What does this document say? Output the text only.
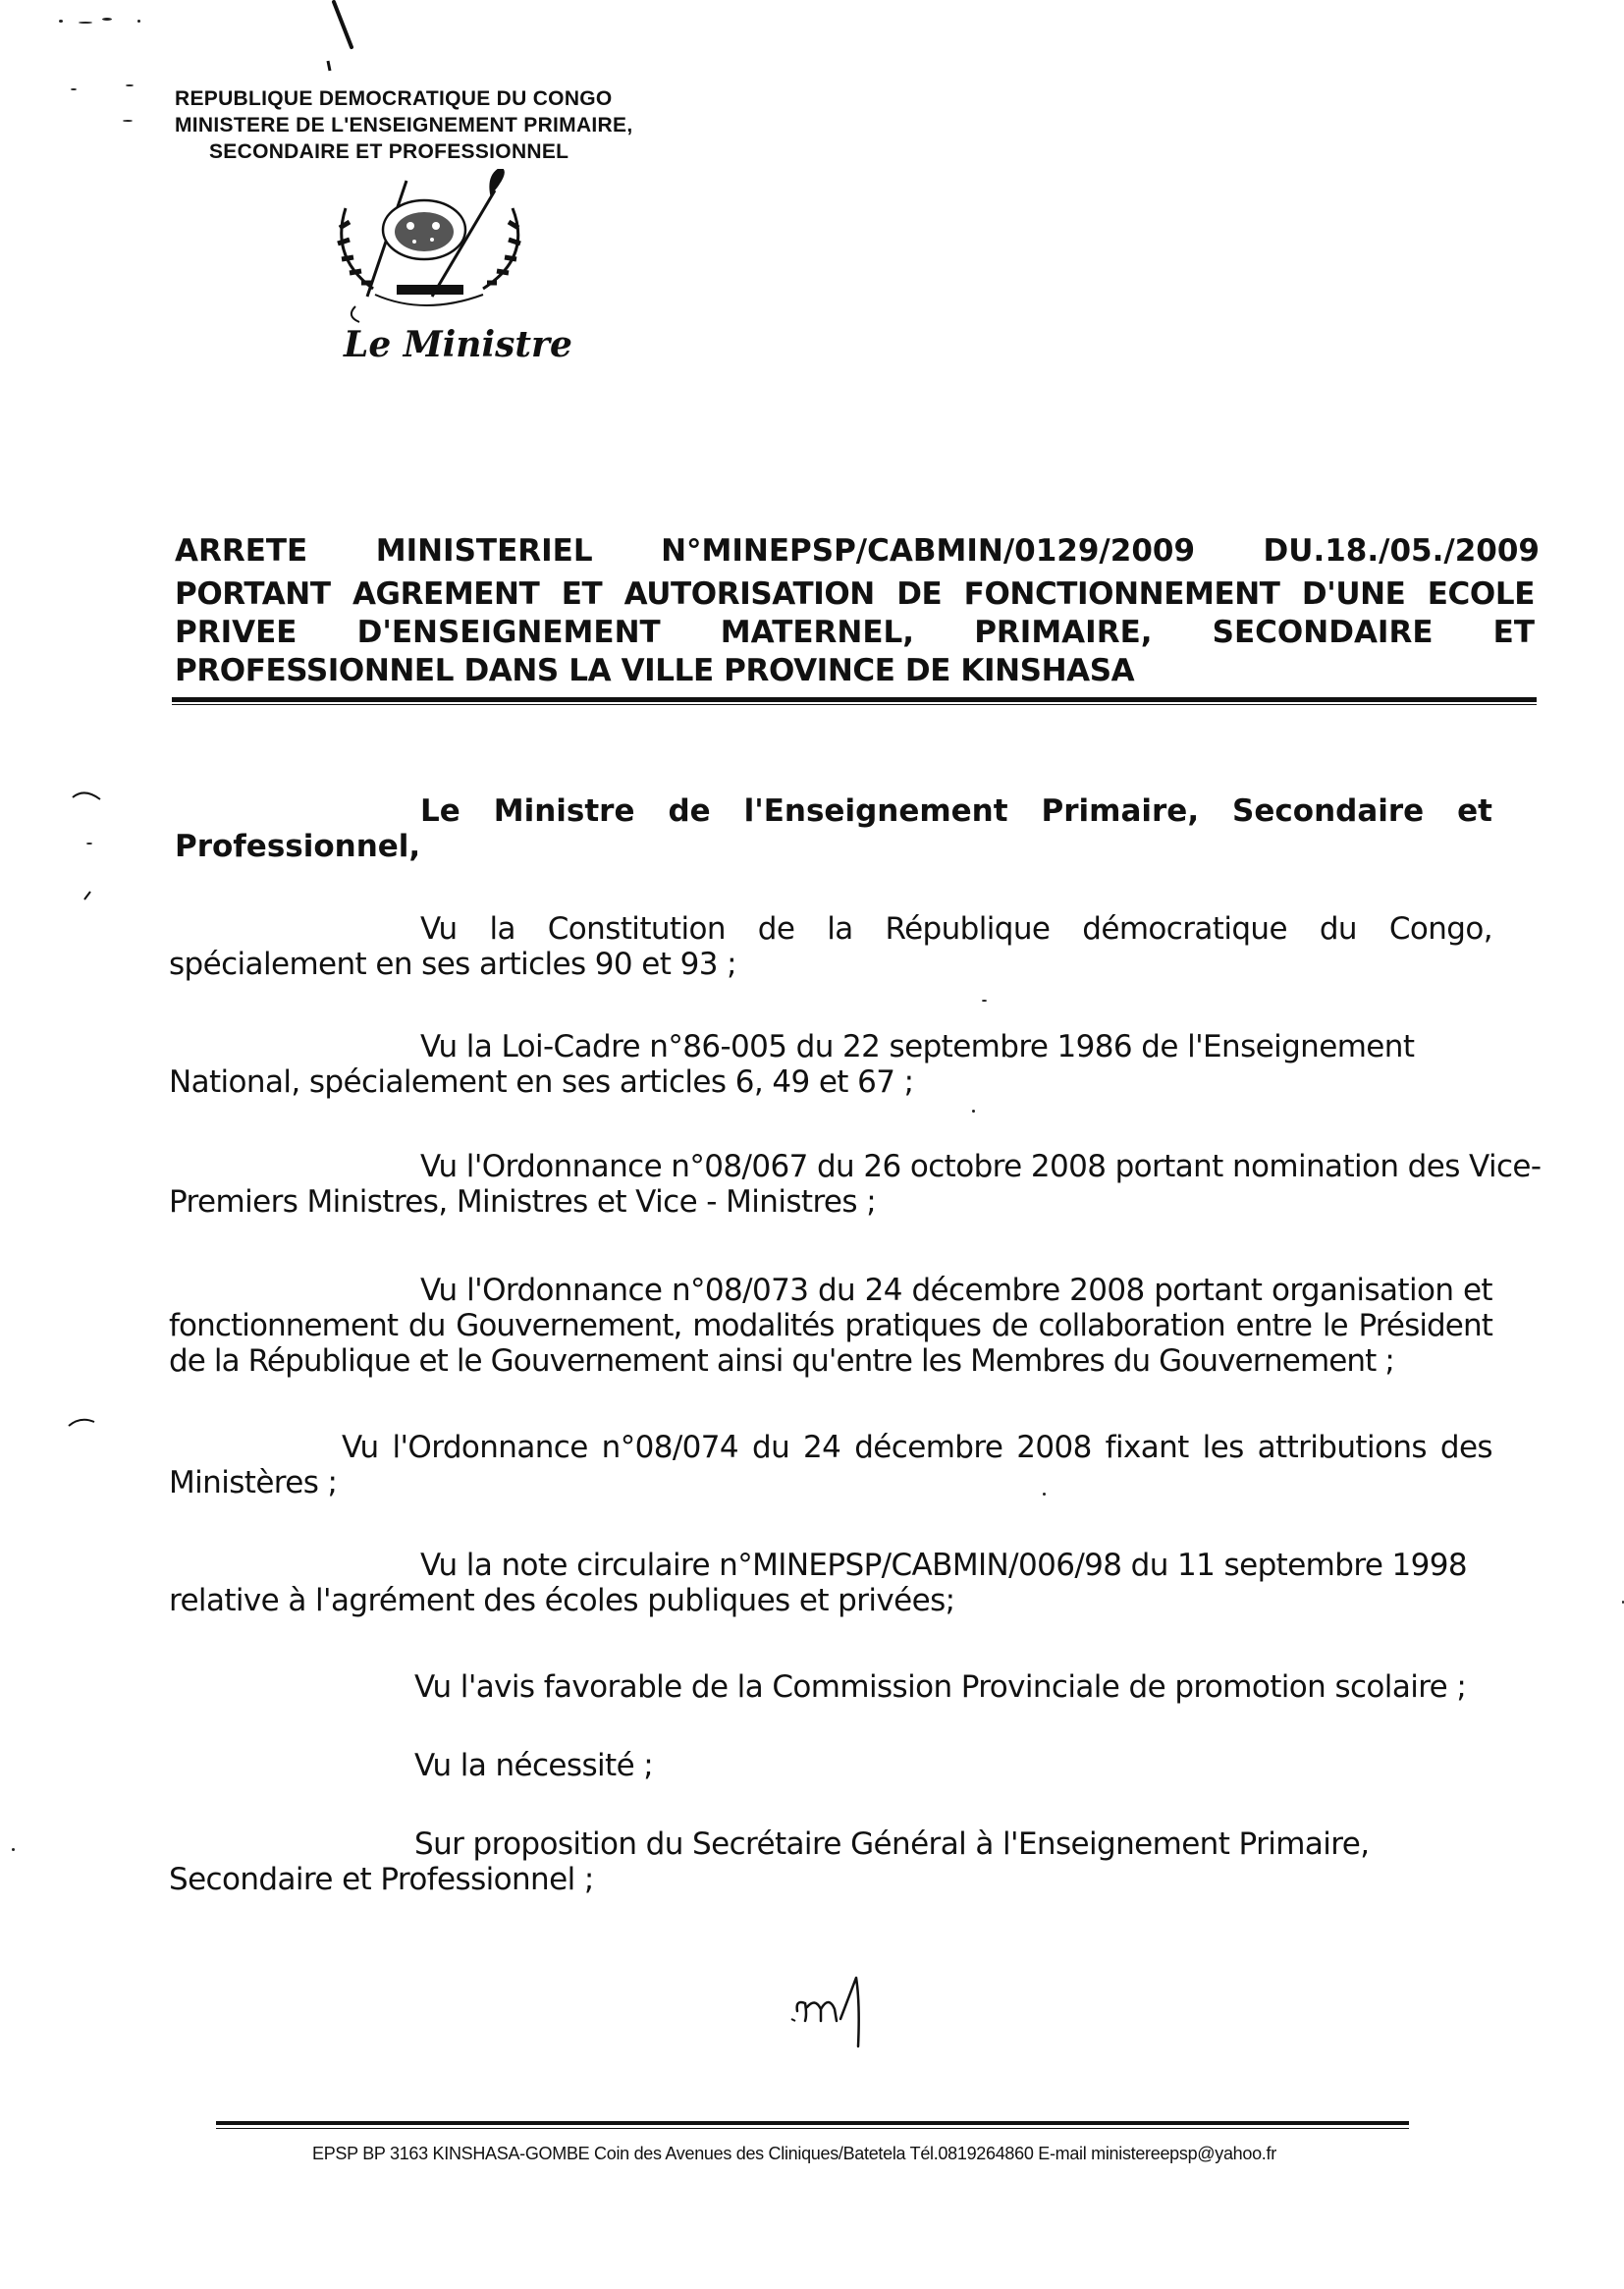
REPUBLIQUE DEMOCRATIQUE DU CONGO
MINISTERE DE L'ENSEIGNEMENT PRIMAIRE,
SECONDAIRE ET PROFESSIONNEL
Le Ministre
ARRETE MINISTERIEL N°MINEPSP/CABMIN/0129/2009 DU.18./05./2009
PORTANT AGREMENT ET AUTORISATION DE FONCTIONNEMENT D'UNE ECOLE
PRIVEE D'ENSEIGNEMENT MATERNEL, PRIMAIRE, SECONDAIRE ET
PROFESSIONNEL DANS LA VILLE PROVINCE DE KINSHASA
Le Ministre de l'Enseignement Primaire, Secondaire et
Professionnel,
Vu la Constitution de la République démocratique du Congo,
spécialement en ses articles 90 et 93 ;
Vu la Loi-Cadre n°86-005 du 22 septembre 1986 de l'Enseignement
National, spécialement en ses articles 6, 49 et 67 ;
Vu l'Ordonnance n°08/067 du 26 octobre 2008 portant nomination des Vice-
Premiers Ministres, Ministres et Vice - Ministres ;
Vu l'Ordonnance n°08/073 du 24 décembre 2008 portant organisation et
fonctionnement du Gouvernement, modalités pratiques de collaboration entre le Président
de la République et le Gouvernement ainsi qu'entre les Membres du Gouvernement ;
Vu l'Ordonnance n°08/074 du 24 décembre 2008 fixant les attributions des
Ministères ;
Vu la note circulaire n°MINEPSP/CABMIN/006/98 du 11 septembre 1998
relative à l'agrément des écoles publiques et privées;
Vu l'avis favorable de la Commission Provinciale de promotion scolaire ;
Vu la nécessité ;
Sur proposition du Secrétaire Général à l'Enseignement Primaire,
Secondaire et Professionnel ;
EPSP BP 3163 KINSHASA-GOMBE Coin des Avenues des Cliniques/Batetela Tél.0819264860 E-mail ministereepsp@yahoo.fr
